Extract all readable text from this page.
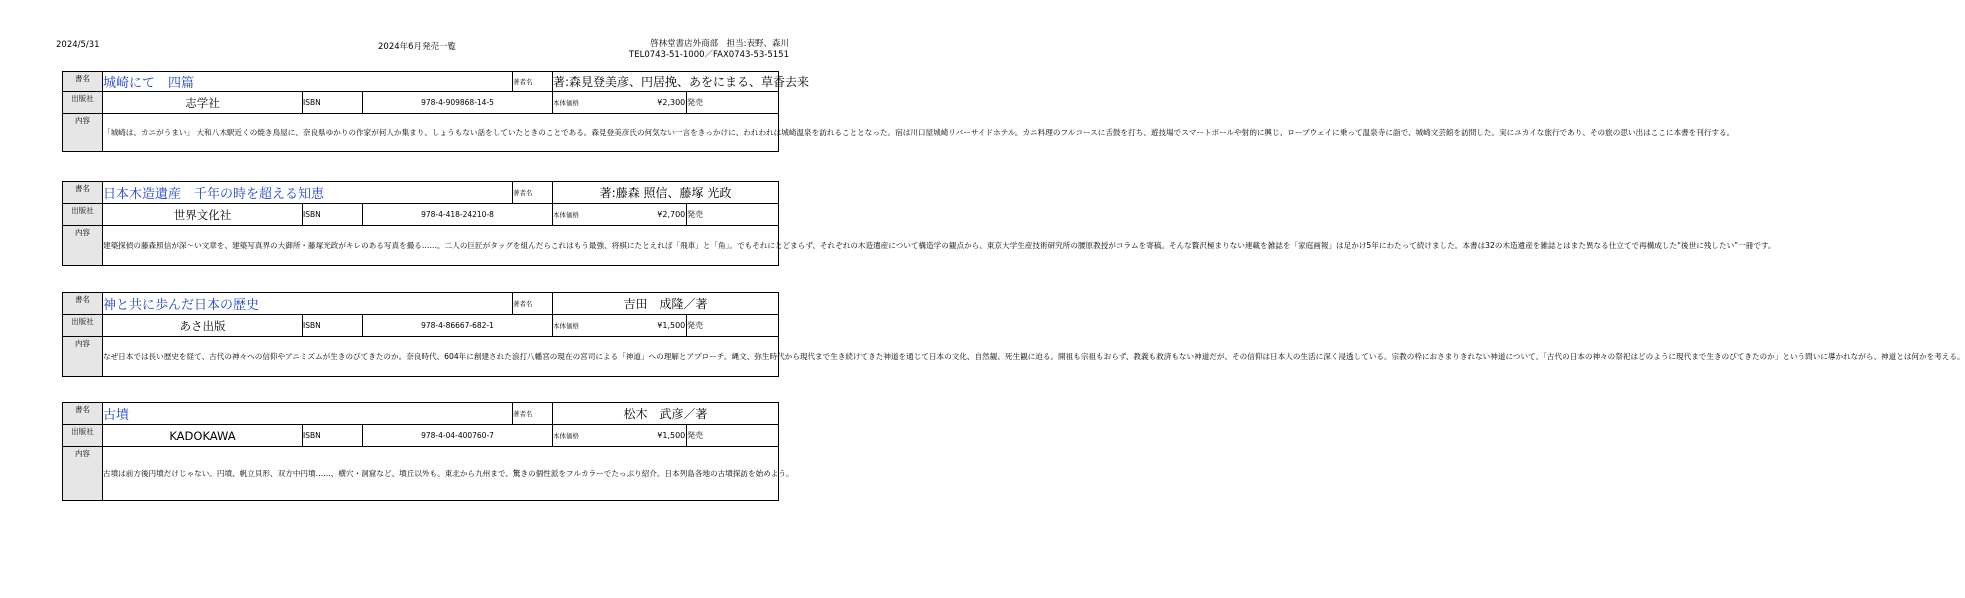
2024/5/31	2024年6月発売一覧	啓林堂書店外商部　担当:表野、森川
TEL0743-51-1000／FAX0743-53-5151
書名	城崎にて　四篇			著者名	著:森見登美彦、円居挽、あをにまる、草香去来			
出版社	志学社	ISBN	978-4-909868-14-5		本体価格	¥2,300	発売	
内容	「城崎は、カニがうまい」 大和八木駅近くの焼き鳥屋に、奈良県ゆかりの作家が何人か集まり、しょうもない話をしていたときのことである。森見登美彦氏の何気ない一言をきっかけに、われわれは城崎温泉を訪れることとなった。宿は川口屋城崎リバーサイドホテル。カニ料理のフルコースに舌鼓を打ち、遊技場でスマートボールや射的に興じ、ロープウェイに乗って温泉寺に詣で、城崎文芸館を訪問した。実にユカイな旅行であり、その旅の思い出はここに本書を刊行する。							
書名	日本木造遺産　千年の時を超える知恵			著者名	著:藤森 照信、藤塚 光政			
出版社	世界文化社	ISBN	978-4-418-24210-8		本体価格	¥2,700	発売	
内容	建築探偵の藤森照信が深～い文章を、建築写真界の大御所・藤塚光政がキレのある写真を撮る……。二人の巨匠がタッグを組んだらこれはもう最強、将棋にたとえれば「飛車」と「角」。でもそれにとどまらず、それぞれの木造遺産について構造学の観点から、東京大学生産技術研究所の腰原教授がコラムを寄稿。そんな贅沢極まりない連載を雑誌を「家庭画報」は足かけ5年にわたって続けました。本書は32の木造遺産を雑誌とはまた異なる仕立てで再構成した“後世に残したい”一冊です。							
書名	神と共に歩んだ日本の歴史			著者名	吉田　成隆／著			
出版社	あさ出版	ISBN	978-4-86667-682-1		本体価格	¥1,500	発売	
内容	なぜ日本では長い歴史を経て、古代の神々への信仰やアニミズムが生きのびてきたのか。奈良時代、604年に創建された浪打八幡宮の現在の宮司による「神道」への理解とアプローチ。縄文、弥生時代から現代まで生き続けてきた神道を通じて日本の文化、自然観、死生観に迫る。開祖も宗祖もおらず、教義も救済もない神道だが、その信仰は日本人の生活に深く浸透している。宗教の枠におさまりきれない神道について、「古代の日本の神々の祭祀はどのように現代まで生きのびてきたのか」という問いに導かれながら、神道とは何かを考える。							
書名	古墳			著者名	松木　武彦／著			
出版社	KADOKAWA	ISBN	978-4-04-400760-7		本体価格	¥1,500	発売	
内容	古墳は前方後円墳だけじゃない。円墳、帆立貝形、双方中円墳……、横穴・洞窟など、墳丘以外も。東北から九州まで、驚きの個性派をフルカラーでたっぷり紹介。日本列島各地の古墳探訪を始めよう。							
